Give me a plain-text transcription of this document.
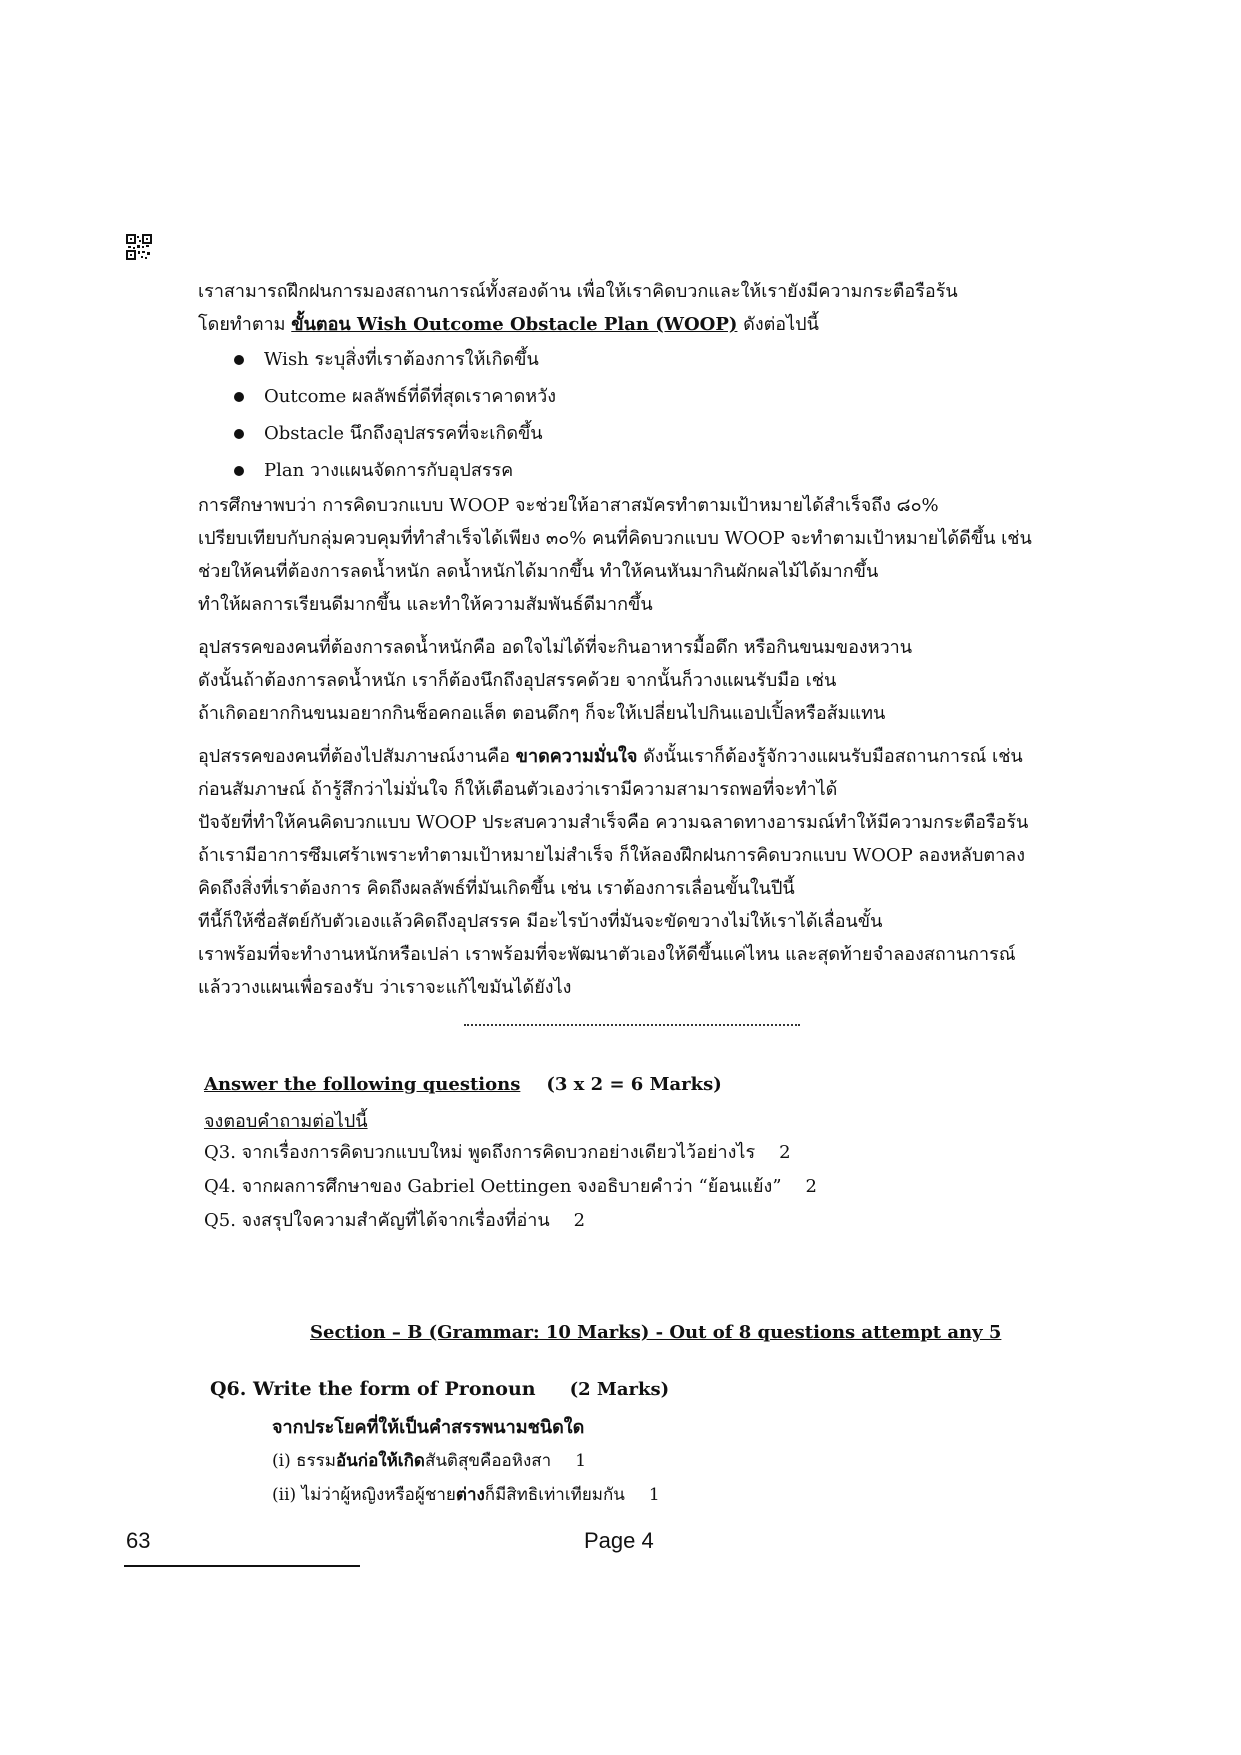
เราสามารถฝึกฝนการมองสถานการณ์ทั้งสองด้าน เพื่อให้เราคิดบวกและให้เรายังมีความกระตือรือร้น

โดยทำตาม ขั้นตอน Wish Outcome Obstacle Plan (WOOP) ดังต่อไปนี้

Wish ระบุสิ่งที่เราต้องการให้เกิดขึ้น
Outcome ผลลัพธ์ที่ดีที่สุดเราคาดหวัง
Obstacle นึกถึงอุปสรรคที่จะเกิดขึ้น
Plan วางแผนจัดการกับอุปสรรค

การศึกษาพบว่า การคิดบวกแบบ WOOP จะช่วยให้อาสาสมัครทำตามเป้าหมายได้สำเร็จถึง ๘๐%

เปรียบเทียบกับกลุ่มควบคุมที่ทำสำเร็จได้เพียง ๓๐% คนที่คิดบวกแบบ WOOP จะทำตามเป้าหมายได้ดีขึ้น เช่น

ช่วยให้คนที่ต้องการลดน้ำหนัก ลดน้ำหนักได้มากขึ้น ทำให้คนหันมากินผักผลไม้ได้มากขึ้น

ทำให้ผลการเรียนดีมากขึ้น และทำให้ความสัมพันธ์ดีมากขึ้น

อุปสรรคของคนที่ต้องการลดน้ำหนักคือ อดใจไม่ได้ที่จะกินอาหารมื้อดึก หรือกินขนมของหวาน

ดังนั้นถ้าต้องการลดน้ำหนัก เราก็ต้องนึกถึงอุปสรรคด้วย จากนั้นก็วางแผนรับมือ เช่น

ถ้าเกิดอยากกินขนมอยากกินช็อคกอแล็ต ตอนดึกๆ ก็จะให้เปลี่ยนไปกินแอปเปิ้ลหรือส้มแทน

อุปสรรคของคนที่ต้องไปสัมภาษณ์งานคือ ขาดความมั่นใจ ดังนั้นเราก็ต้องรู้จักวางแผนรับมือสถานการณ์ เช่น

ก่อนสัมภาษณ์ ถ้ารู้สึกว่าไม่มั่นใจ ก็ให้เตือนตัวเองว่าเรามีความสามารถพอที่จะทำได้

ปัจจัยที่ทำให้คนคิดบวกแบบ WOOP ประสบความสำเร็จคือ ความฉลาดทางอารมณ์ทำให้มีความกระตือรือร้น

ถ้าเรามีอาการซึมเศร้าเพราะทำตามเป้าหมายไม่สำเร็จ ก็ให้ลองฝึกฝนการคิดบวกแบบ WOOP ลองหลับตาลง

คิดถึงสิ่งที่เราต้องการ คิดถึงผลลัพธ์ที่มันเกิดขึ้น เช่น เราต้องการเลื่อนขั้นในปีนี้

ทีนี้ก็ให้ซื่อสัตย์กับตัวเองแล้วคิดถึงอุปสรรค มีอะไรบ้างที่มันจะขัดขวางไม่ให้เราได้เลื่อนขั้น

เราพร้อมที่จะทำงานหนักหรือเปล่า เราพร้อมที่จะพัฒนาตัวเองให้ดีขึ้นแค่ไหน และสุดท้ายจำลองสถานการณ์

แล้ววางแผนเพื่อรองรับ ว่าเราจะแก้ไขมันได้ยังไง

Answer the following questions (3 x 2 = 6 Marks)
จงตอบคำถามต่อไปนี้
Q3. จากเรื่องการคิดบวกแบบใหม่ พูดถึงการคิดบวกอย่างเดียวไว้อย่างไร 2
Q4. จากผลการศึกษาของ Gabriel Oettingen จงอธิบายคำว่า “ย้อนแย้ง” 2
Q5. จงสรุปใจความสำคัญที่ได้จากเรื่องที่อ่าน 2
Section – B (Grammar: 10 Marks) - Out of 8 questions attempt any 5
Q6. Write the form of Pronoun (2 Marks)
จากประโยคที่ให้เป็นคำสรรพนามชนิดใด
(i) ธรรมอันก่อให้เกิดสันติสุขคืออหิงสา 1
(ii) ไม่ว่าผู้หญิงหรือผู้ชายต่างก็มีสิทธิเท่าเทียมกัน 1
63	Page 4
